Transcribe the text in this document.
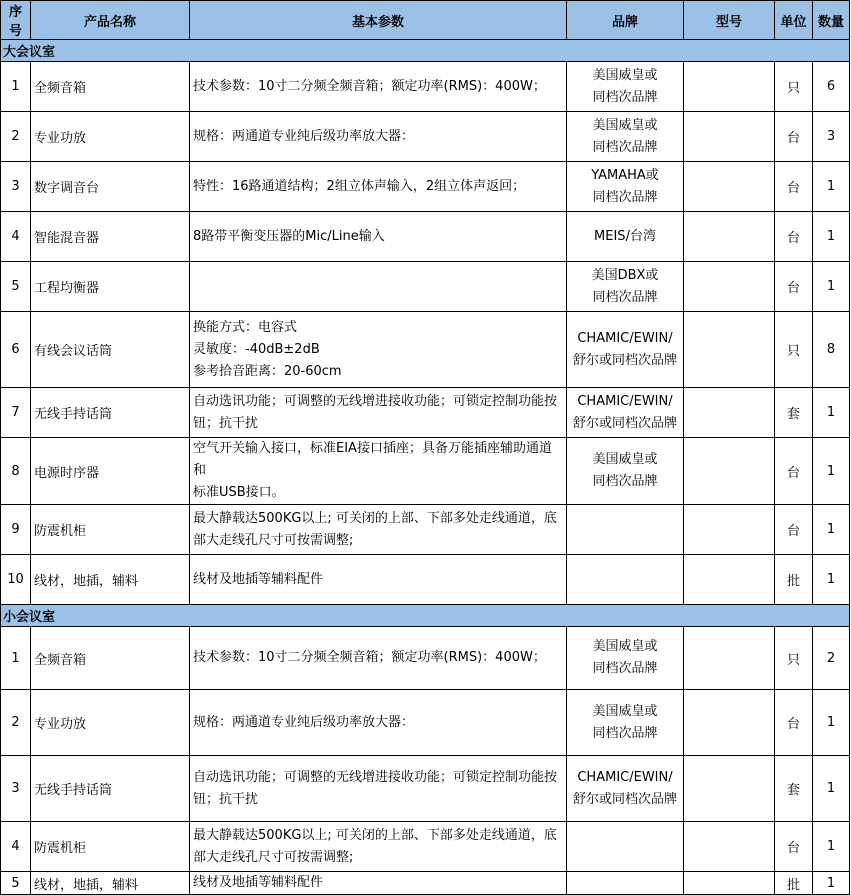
序号	产品名称	基本参数	品牌	型号	单位	数量
大会议室						
1	全频音箱	技术参数：10寸二分频全频音箱；额定功率(RMS)：400W；	美国威皇或
同档次品牌		只	6
2	专业功放	规格：两通道专业纯后级功率放大器：	美国威皇或
同档次品牌		台	3
3	数字调音台	特性：16路通道结构；2组立体声输入，2组立体声返回；	YAMAHA或
同档次品牌		台	1
4	智能混音器	8路带平衡变压器的Mic/Line输入	MEIS/台湾		台	1
5	工程均衡器		美国DBX或
同档次品牌		台	1
6	有线会议话筒	换能方式：电容式
灵敏度：-40dB±2dB
参考拾音距离：20-60cm	CHAMIC/EWIN/
舒尔或同档次品牌		只	8
7	无线手持话筒	自动选讯功能；可调整的无线增进接收功能；可锁定控制功能按
钮；抗干扰	CHAMIC/EWIN/
舒尔或同档次品牌		套	1
8	电源时序器	空气开关输入接口，标准EIA接口插座；具备万能插座辅助通道和
标准USB接口。	美国威皇或
同档次品牌		台	1
9	防震机柜	最大静载达500KG以上; 可关闭的上部、下部多处走线通道，底
部大走线孔尺寸可按需调整;			台	1
10	线材，地插，辅料	线材及地插等辅料配件			批	1
小会议室						
1	全频音箱	技术参数：10寸二分频全频音箱；额定功率(RMS)：400W；	美国威皇或
同档次品牌		只	2
2	专业功放	规格：两通道专业纯后级功率放大器：	美国威皇或
同档次品牌		台	1
3	无线手持话筒	自动选讯功能；可调整的无线增进接收功能；可锁定控制功能按
钮；抗干扰	CHAMIC/EWIN/
舒尔或同档次品牌		套	1
4	防震机柜	最大静载达500KG以上; 可关闭的上部、下部多处走线通道，底
部大走线孔尺寸可按需调整;			台	1
5	线材，地插，辅料	线材及地插等辅料配件			批	1
